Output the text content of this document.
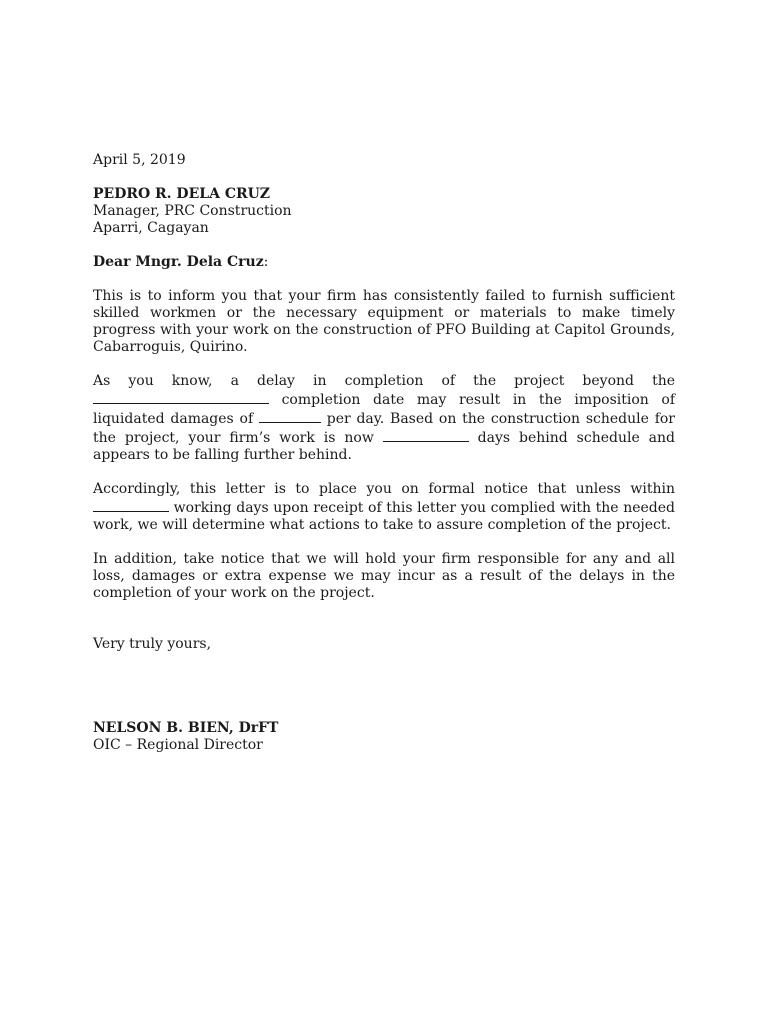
April 5, 2019
PEDRO R. DELA CRUZ
Manager, PRC Construction
Aparri, Cagayan
Dear Mngr. Dela Cruz:

This is to inform you that your firm has consistently failed to furnish sufficient skilled workmen or the necessary equipment or materials to make timely progress with your work on the construction of PFO Building at Capitol Grounds, Cabarroguis, Quirino.

As you know, a delay in completion of the project beyond the  completion date may result in the imposition of liquidated damages of	per day. Based on the construction schedule for the project, your firm’s work is now	days behind schedule and appears to be falling further behind.

Accordingly, this letter is to place you on formal notice that unless within  working days upon receipt of this letter you complied with the needed work, we will determine what actions to take to assure completion of the project.

In addition, take notice that we will hold your firm responsible for any and all loss, damages or extra expense we may incur as a result of the delays in the completion of your work on the project.

Very truly yours,
NELSON B. BIEN, DrFT
OIC – Regional Director
